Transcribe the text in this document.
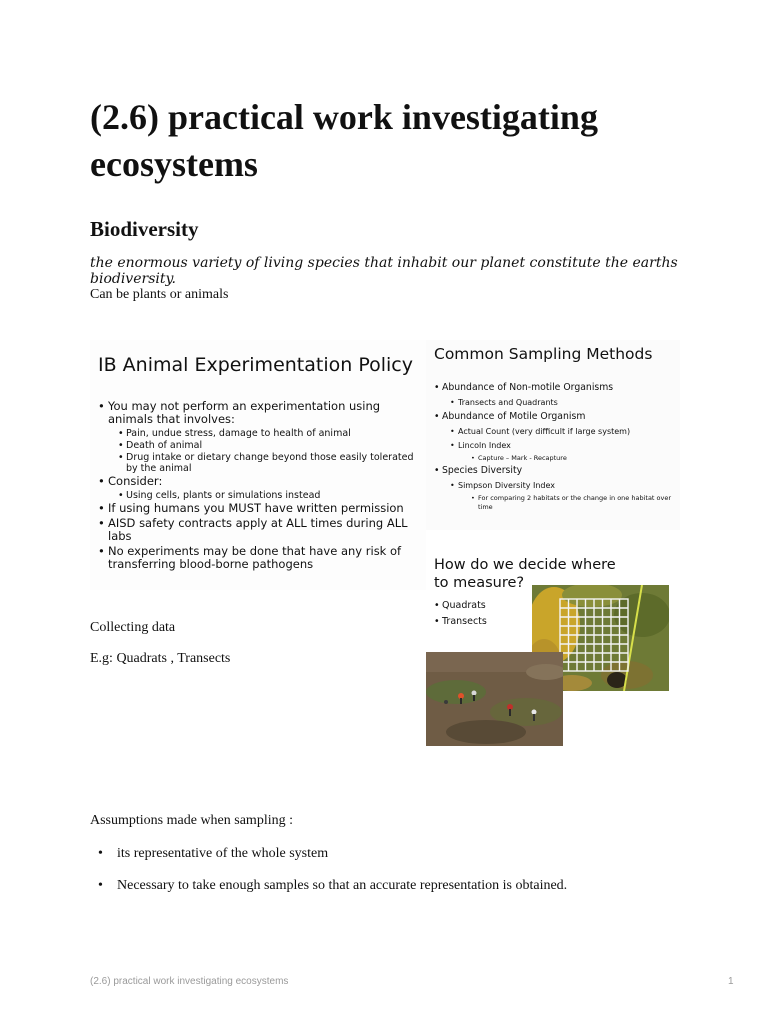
(2.6) practical work investigating ecosystems
Biodiversity
the enormous variety of living species that inhabit our planet constitute the earths biodiversity.
Can be plants or animals
IB Animal Experimentation Policy
• You may not perform an experimentation using animals that involves:
• Pain, undue stress, damage to health of animal
• Death of animal
• Drug intake or dietary change beyond those easily tolerated by the animal
• Consider:
• Using cells, plants or simulations instead
• If using humans you MUST have written permission
• AISD safety contracts apply at ALL times during ALL labs
• No experiments may be done that have any risk of transferring blood-borne pathogens
Common Sampling Methods
• Abundance of Non-motile Organisms
• Transects and Quadrants
• Abundance of Motile Organism
• Actual Count (very difficult if large system)
• Lincoln Index
• Capture – Mark - Recapture
• Species Diversity
• Simpson Diversity Index
• For comparing 2 habitats or the change in one habitat over time
How do we decide where to measure?
• Quadrats
• Transects
Collecting data
E.g: Quadrats , Transects
Assumptions made when sampling :
• its representative of the whole system
• Necessary to take enough samples so that an accurate representation is obtained.
(2.6) practical work investigating ecosystems	1
